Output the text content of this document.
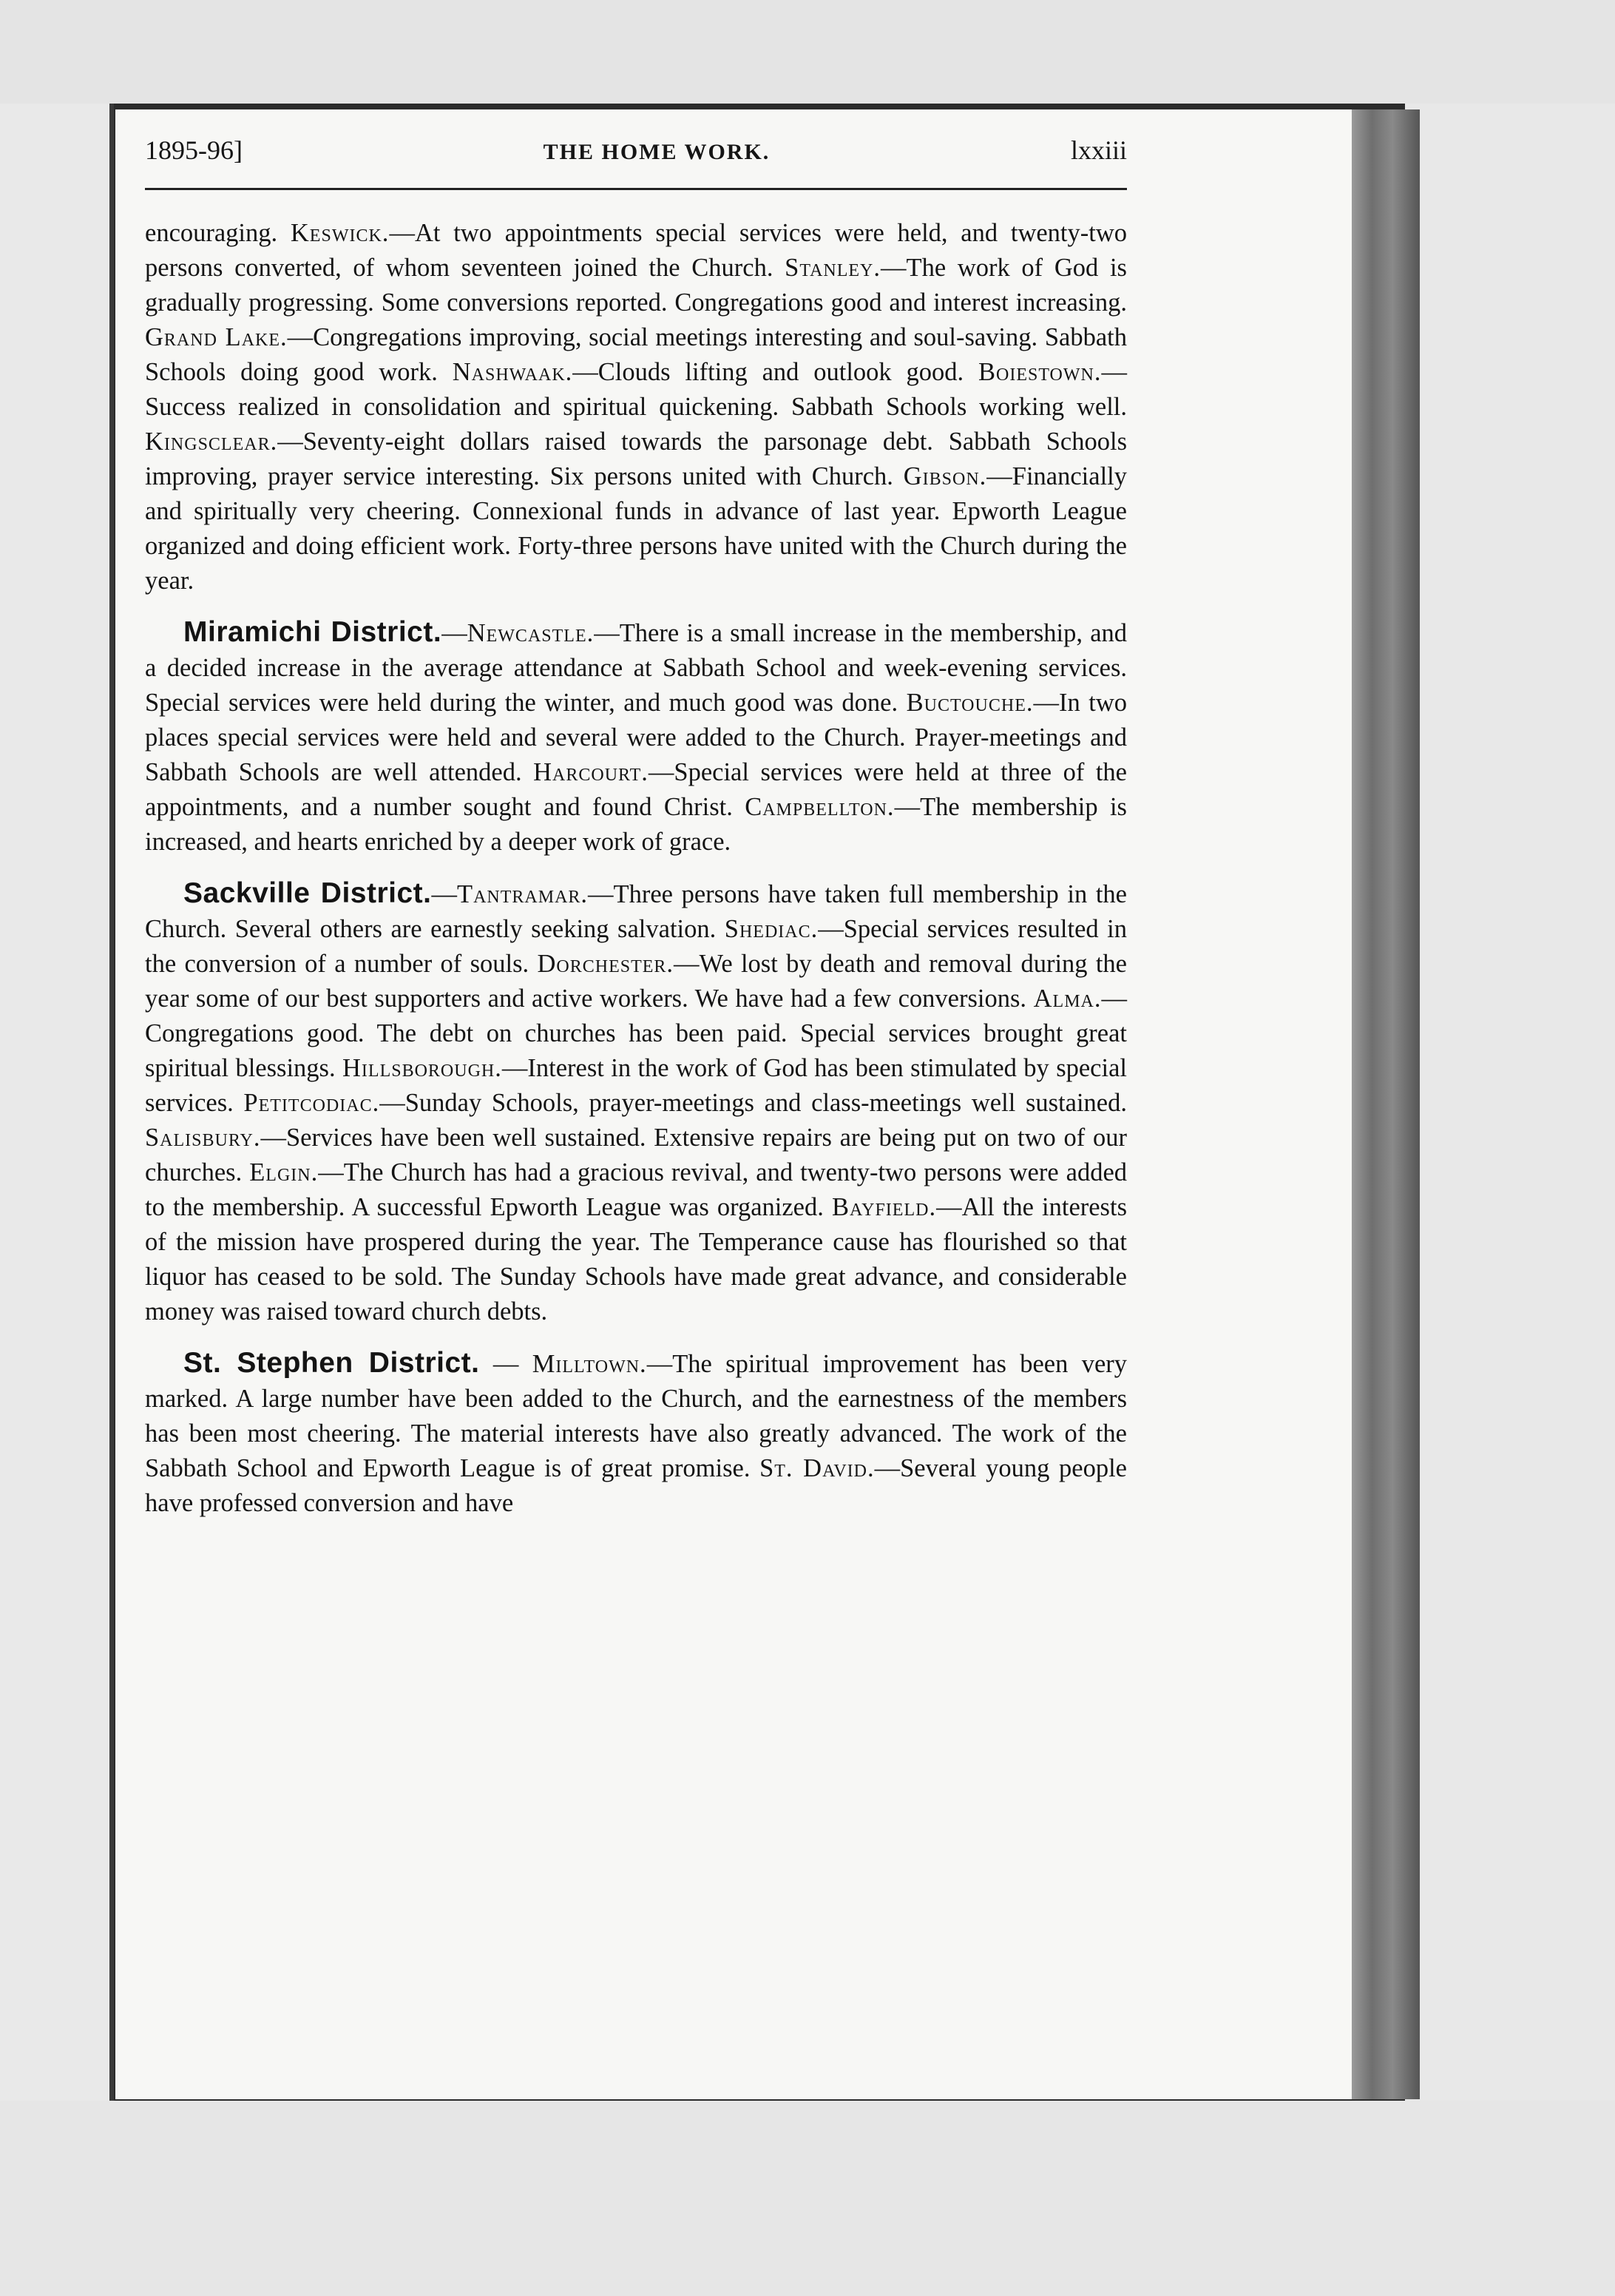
1895-96]	THE HOME WORK.	lxxiii

encouraging. Keswick.—At two appointments special services were held, and twenty-two persons converted, of whom seventeen joined the Church. Stanley.—The work of God is gradually progressing. Some conversions reported. Congregations good and interest increasing. Grand Lake.—Congregations improving, social meetings interesting and soul-saving. Sabbath Schools doing good work. Nashwaak.—Clouds lifting and outlook good. Boiestown.—Success realized in consolidation and spiritual quickening. Sabbath Schools working well. Kingsclear.—Seventy-eight dollars raised towards the parsonage debt. Sabbath Schools improving, prayer service interesting. Six persons united with Church. Gibson.—Financially and spiritually very cheering. Connexional funds in advance of last year. Epworth League organized and doing efficient work. Forty-three persons have united with the Church during the year.

Miramichi District.—Newcastle.—There is a small increase in the membership, and a decided increase in the average attendance at Sabbath School and week-evening services. Special services were held during the winter, and much good was done. Buctouche.—In two places special services were held and several were added to the Church. Prayer-meetings and Sabbath Schools are well attended. Harcourt.—Special services were held at three of the appointments, and a number sought and found Christ. Campbellton.—The membership is increased, and hearts enriched by a deeper work of grace.

Sackville District.—Tantramar.—Three persons have taken full membership in the Church. Several others are earnestly seeking salvation. Shediac.—Special services resulted in the conversion of a number of souls. Dorchester.—We lost by death and removal during the year some of our best supporters and active workers. We have had a few conversions. Alma.—Congregations good. The debt on churches has been paid. Special services brought great spiritual blessings. Hillsborough.—Interest in the work of God has been stimulated by special services. Petitcodiac.—Sunday Schools, prayer-meetings and class-meetings well sustained. Salisbury.—Services have been well sustained. Extensive repairs are being put on two of our churches. Elgin.—The Church has had a gracious revival, and twenty-two persons were added to the membership. A successful Epworth League was organized. Bayfield.—All the interests of the mission have prospered during the year. The Temperance cause has flourished so that liquor has ceased to be sold. The Sunday Schools have made great advance, and considerable money was raised toward church debts.

St. Stephen District. — Milltown.—The spiritual improvement has been very marked. A large number have been added to the Church, and the earnestness of the members has been most cheering. The material interests have also greatly advanced. The work of the Sabbath School and Epworth League is of great promise. St. David.—Several young people have professed conversion and have
